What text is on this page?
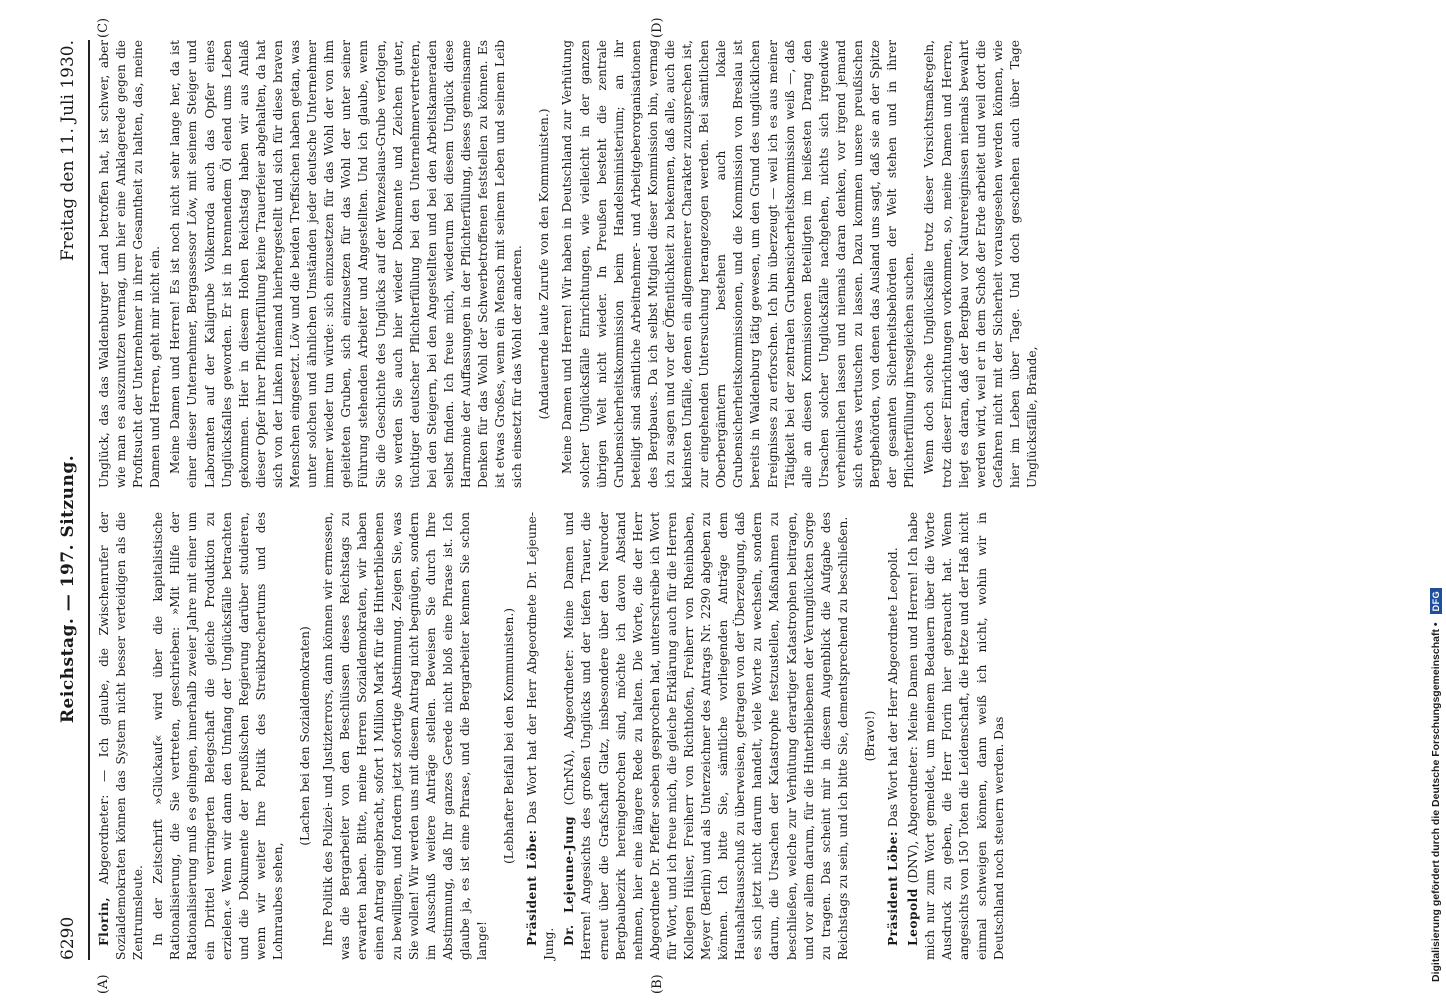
6290
Reichstag. — 197. Sitzung.
Freitag den 11. Juli 1930.
(A)	(B)
(C)	(D)

Florin, Abgeordneter: — Ich glaube, die Zwischenrufer der Sozialdemokraten können das System nicht besser verteidigen als die Zentrumsleute. In der Zeitschrift »Glückauf« wird über die kapitalistische Rationalisierung, die Sie vertreten, geschrieben: »Mit Hilfe der Rationalisierung muß es gelingen, innerhalb zweier Jahre mit einer um ein Drittel verringerten Belegschaft die gleiche Produktion zu erzielen.« Wenn wir dann den Umfang der Unglücksfälle betrachten und die Dokumente der preußischen Regierung darüber studieren, wenn wir weiter Ihre Politik des Streikbrechertums und des Lohnraubes sehen,

(Lachen bei den Sozialdemokraten) Ihre Politik des Polizei- und Justizterrors, dann können wir ermessen, was die Bergarbeiter von den Beschlüssen dieses Reichstags zu erwarten haben. Bitte, meine Herren Sozialdemokraten, wir haben einen Antrag eingebracht, sofort 1 Million Mark für die Hinterbliebenen zu bewilligen, und fordern jetzt sofortige Abstimmung. Zeigen Sie, was Sie wollen! Wir werden uns mit diesem Antrag nicht begnügen, sondern im Ausschuß weitere Anträge stellen. Beweisen Sie durch Ihre Abstimmung, daß Ihr ganzes Gerede nicht bloß eine Phrase ist. Ich glaube ja, es ist eine Phrase, und die Bergarbeiter kennen Sie schon lange!

(Lebhafter Beifall bei den Kommunisten.)

Präsident Löbe: Das Wort hat der Herr Abgeordnete Dr. Lejeune-Jung. Dr. Lejeune-Jung (ChrNA), Abgeordneter: Meine Damen und Herren! Angesichts des großen Unglücks und der tiefen Trauer, die erneut über die Grafschaft Glatz, insbesondere über den Neuroder Bergbaubezirk hereingebrochen sind, möchte ich davon Abstand nehmen, hier eine längere Rede zu halten. Die Worte, die der Herr Abgeordnete Dr. Pfeffer soeben gesprochen hat, unterschreibe ich Wort für Wort, und ich freue mich, die gleiche Erklärung auch für die Herren Kollegen Hülser, Freiherr von Richthofen, Freiherr von Rheinbaben, Meyer (Berlin) und als Unterzeichner des Antrags Nr. 2290 abgeben zu können. Ich bitte Sie, sämtliche vorliegenden Anträge dem Haushaltsausschuß zu überweisen, getragen von der Überzeugung, daß es sich jetzt nicht darum handelt, viele Worte zu wechseln, sondern darum, die Ursachen der Katastrophe festzustellen, Maßnahmen zu beschließen, welche zur Verhütung derartiger Katastrophen beitragen, und vor allem darum, für die Hinterbliebenen der Verunglückten Sorge zu tragen. Das scheint mir in diesem Augenblick die Aufgabe des Reichstags zu sein, und ich bitte Sie, dementsprechend zu beschließen. (Bravo!)

Präsident Löbe: Das Wort hat der Herr Abgeordnete Leopold.

Leopold (DNV), Abgeordneter: Meine Damen und Herren! Ich habe mich nur zum Wort gemeldet, um meinem Bedauern über die Worte Ausdruck zu geben, die Herr Florin hier gebraucht hat. Wenn angesichts von 150 Toten die Leidenschaft, die Hetze und der Haß nicht einmal schweigen können, dann weiß ich nicht, wohin wir in Deutschland noch steuern werden. Das

Unglück, das das Waldenburger Land betroffen hat, ist schwer, aber wie man es auszunutzen vermag, um hier eine Anklagerede gegen die Profitsucht der Unternehmer in ihrer Gesamtheit zu halten, das, meine Damen und Herren, geht mir nicht ein. Meine Damen und Herren! Es ist noch nicht sehr lange her, da ist einer dieser Unternehmer, Bergassessor Löw, mit seinem Steiger und Laboranten auf der Kaligrube Volkenroda auch das Opfer eines Unglücksfalles geworden. Er ist in brennendem Öl elend ums Leben gekommen. Hier in diesem Hohen Reichstag haben wir aus Anlaß dieser Opfer ihrer Pflichterfüllung keine Trauerfeier abgehalten, da hat sich von der Linken niemand hierhergestellt und sich für diese braven Menschen eingesetzt. Löw und die beiden Treffsichen haben getan, was unter solchen und ähnlichen Umständen jeder deutsche Unternehmer immer wieder tun würde: sich einzusetzen für das Wohl der von ihm geleiteten Gruben, sich einzusetzen für das Wohl der unter seiner Führung stehenden Arbeiter und Angestellten. Und ich glaube, wenn Sie die Geschichte des Unglücks auf der Wenzeslaus-Grube verfolgen, so werden Sie auch hier wieder Dokumente und Zeichen guter, tüchtiger deutscher Pflichterfüllung bei den Unternehmervertretern, bei den Steigern, bei den Angestellten und bei den Arbeitskameraden selbst finden. Ich freue mich, wiederum bei diesem Unglück diese Harmonie der Auffassungen in der Pflichterfüllung, dieses gemeinsame Denken für das Wohl der Schwerbetroffenen feststellen zu können. Es ist etwas Großes, wenn ein Mensch mit seinem Leben und seinem Leib sich einsetzt für das Wohl der anderen. (Andauernde laute Zurufe von den Kommunisten.) Meine Damen und Herren! Wir haben in Deutschland zur Verhütung solcher Unglücksfälle Einrichtungen, wie vielleicht in der ganzen übrigen Welt nicht wieder. In Preußen besteht die zentrale Grubensicherheitskommission beim Handelsministerium; an ihr beteiligt sind sämtliche Arbeitnehmer- und Arbeitgeberorganisationen des Bergbaues. Da ich selbst Mitglied dieser Kommission bin, vermag ich zu sagen und vor der Öffentlichkeit zu bekennen, daß alle, auch die kleinsten Unfälle, denen ein allgemeinerer Charakter zuzusprechen ist, zur eingehenden Untersuchung herangezogen werden. Bei sämtlichen Oberbergämtern bestehen auch lokale Grubensicherheitskommissionen, und die Kommission von Breslau ist bereits in Waldenburg tätig gewesen, um den Grund des unglücklichen Ereignisses zu erforschen. Ich bin überzeugt — weil ich es aus meiner Tätigkeit bei der zentralen Grubensicherheitskommission weiß —, daß alle an diesen Kommissionen Beteiligten im heißesten Drang den Ursachen solcher Unglücksfälle nachgehen, nichts sich irgendwie verheimlichen lassen und niemals daran denken, vor irgend jemand sich etwas vertuschen zu lassen. Dazu kommen unsere preußischen Bergbehörden, von denen das Ausland uns sagt, daß sie an der Spitze der gesamten Sicherheitsbehörden der Welt stehen und in ihrer Pflichterfüllung ihresgleichen suchen. Wenn doch solche Unglücksfälle trotz dieser Vorsichtsmaßregeln, trotz dieser Einrichtungen vorkommen, so, meine Damen und Herren, liegt es daran, daß der Bergbau vor Naturereignissen niemals bewahrt werden wird, weil er in dem Schoß der Erde arbeitet und weil dort die Gefahren nicht mit der Sicherheit vorausgesehen werden können, wie hier im Leben über Tage. Und doch geschehen auch über Tage Unglücksfälle, Brände,

Digitalisierung gefördert durch die Deutsche Forschungsgemeinschaft •
DFG
